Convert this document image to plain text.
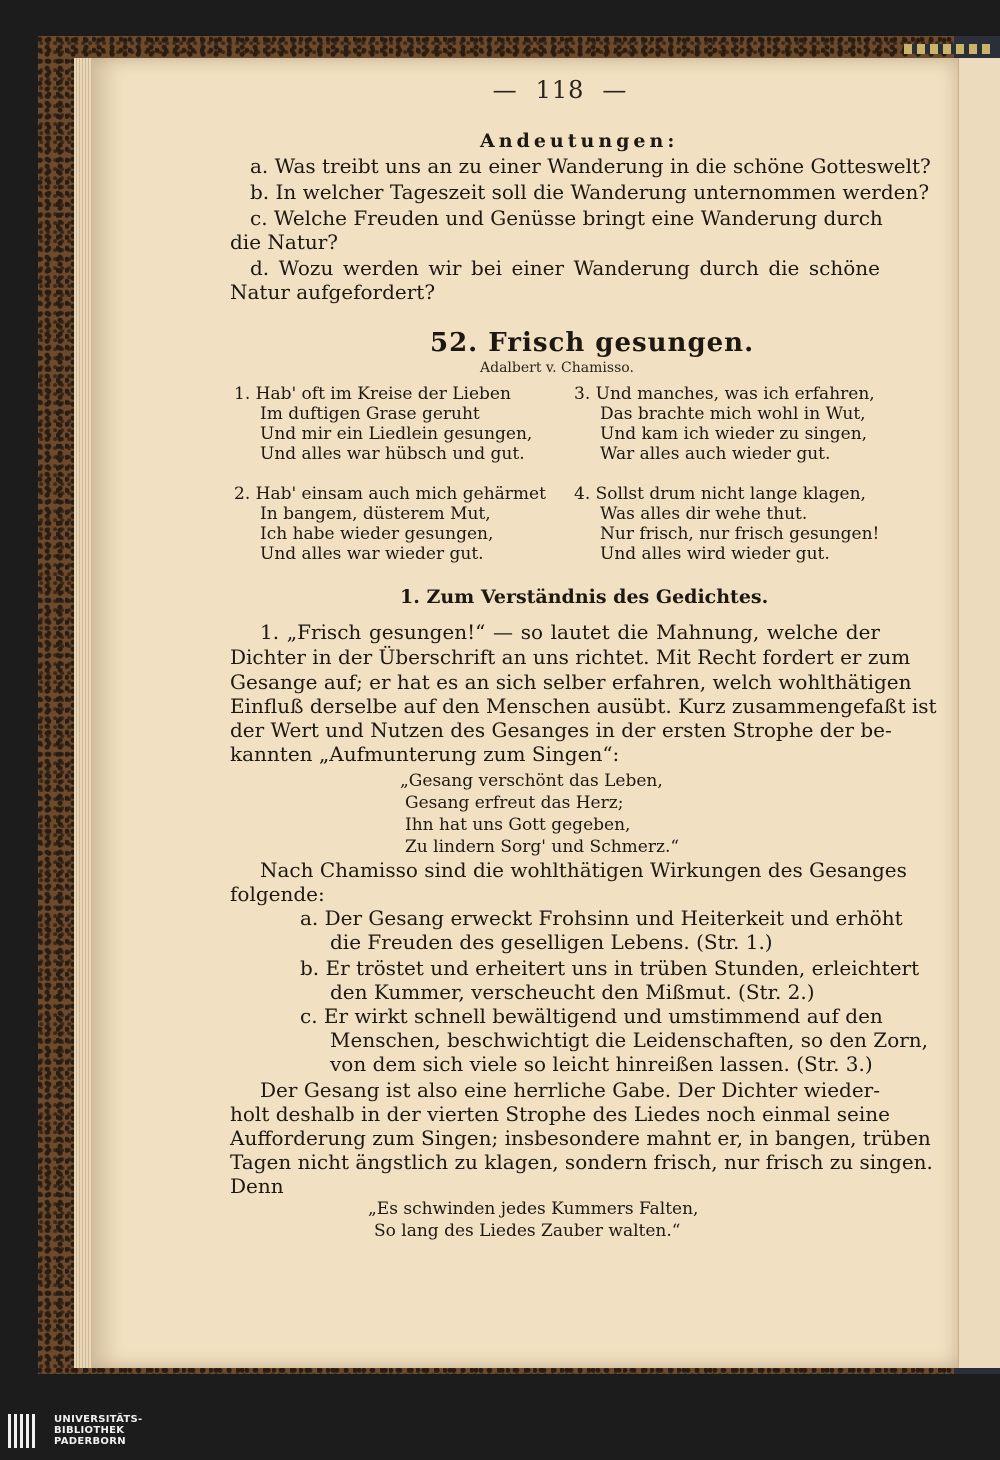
— 118 —
Andeutungen:
a. Was treibt uns an zu einer Wanderung in die schöne Gotteswelt?
b. In welcher Tageszeit soll die Wanderung unternommen werden?
c. Welche Freuden und Genüsse bringt eine Wanderung durch
die Natur?
d. Wozu werden wir bei einer Wanderung durch die schöne
Natur aufgefordert?
52. Frisch gesungen.
Adalbert v. Chamisso.
1. Hab' oft im Kreise der Lieben
Im duftigen Grase geruht
Und mir ein Liedlein gesungen,
Und alles war hübsch und gut.
2. Hab' einsam auch mich gehärmet
In bangem, düsterem Mut,
Ich habe wieder gesungen,
Und alles war wieder gut.
3. Und manches, was ich erfahren,
Das brachte mich wohl in Wut,
Und kam ich wieder zu singen,
War alles auch wieder gut.
4. Sollst drum nicht lange klagen,
Was alles dir wehe thut.
Nur frisch, nur frisch gesungen!
Und alles wird wieder gut.
1. Zum Verständnis des Gedichtes.
1. „Frisch gesungen!“ — so lautet die Mahnung, welche der
Dichter in der Überschrift an uns richtet. Mit Recht fordert er zum
Gesange auf; er hat es an sich selber erfahren, welch wohlthätigen
Einfluß derselbe auf den Menschen ausübt. Kurz zusammengefaßt ist
der Wert und Nutzen des Gesanges in der ersten Strophe der be-
kannten „Aufmunterung zum Singen“:
„Gesang verschönt das Leben,
Gesang erfreut das Herz;
Ihn hat uns Gott gegeben,
Zu lindern Sorg' und Schmerz.“
Nach Chamisso sind die wohlthätigen Wirkungen des Gesanges
folgende:
a. Der Gesang erweckt Frohsinn und Heiterkeit und erhöht
die Freuden des geselligen Lebens. (Str. 1.)
b. Er tröstet und erheitert uns in trüben Stunden, erleichtert
den Kummer, verscheucht den Mißmut. (Str. 2.)
c. Er wirkt schnell bewältigend und umstimmend auf den
Menschen, beschwichtigt die Leidenschaften, so den Zorn,
von dem sich viele so leicht hinreißen lassen. (Str. 3.)
Der Gesang ist also eine herrliche Gabe. Der Dichter wieder-
holt deshalb in der vierten Strophe des Liedes noch einmal seine
Aufforderung zum Singen; insbesondere mahnt er, in bangen, trüben
Tagen nicht ängstlich zu klagen, sondern frisch, nur frisch zu singen.
Denn
„Es schwinden jedes Kummers Falten,
So lang des Liedes Zauber walten.“
UNIVERSITÄTS-
BIBLIOTHEK
PADERBORN
